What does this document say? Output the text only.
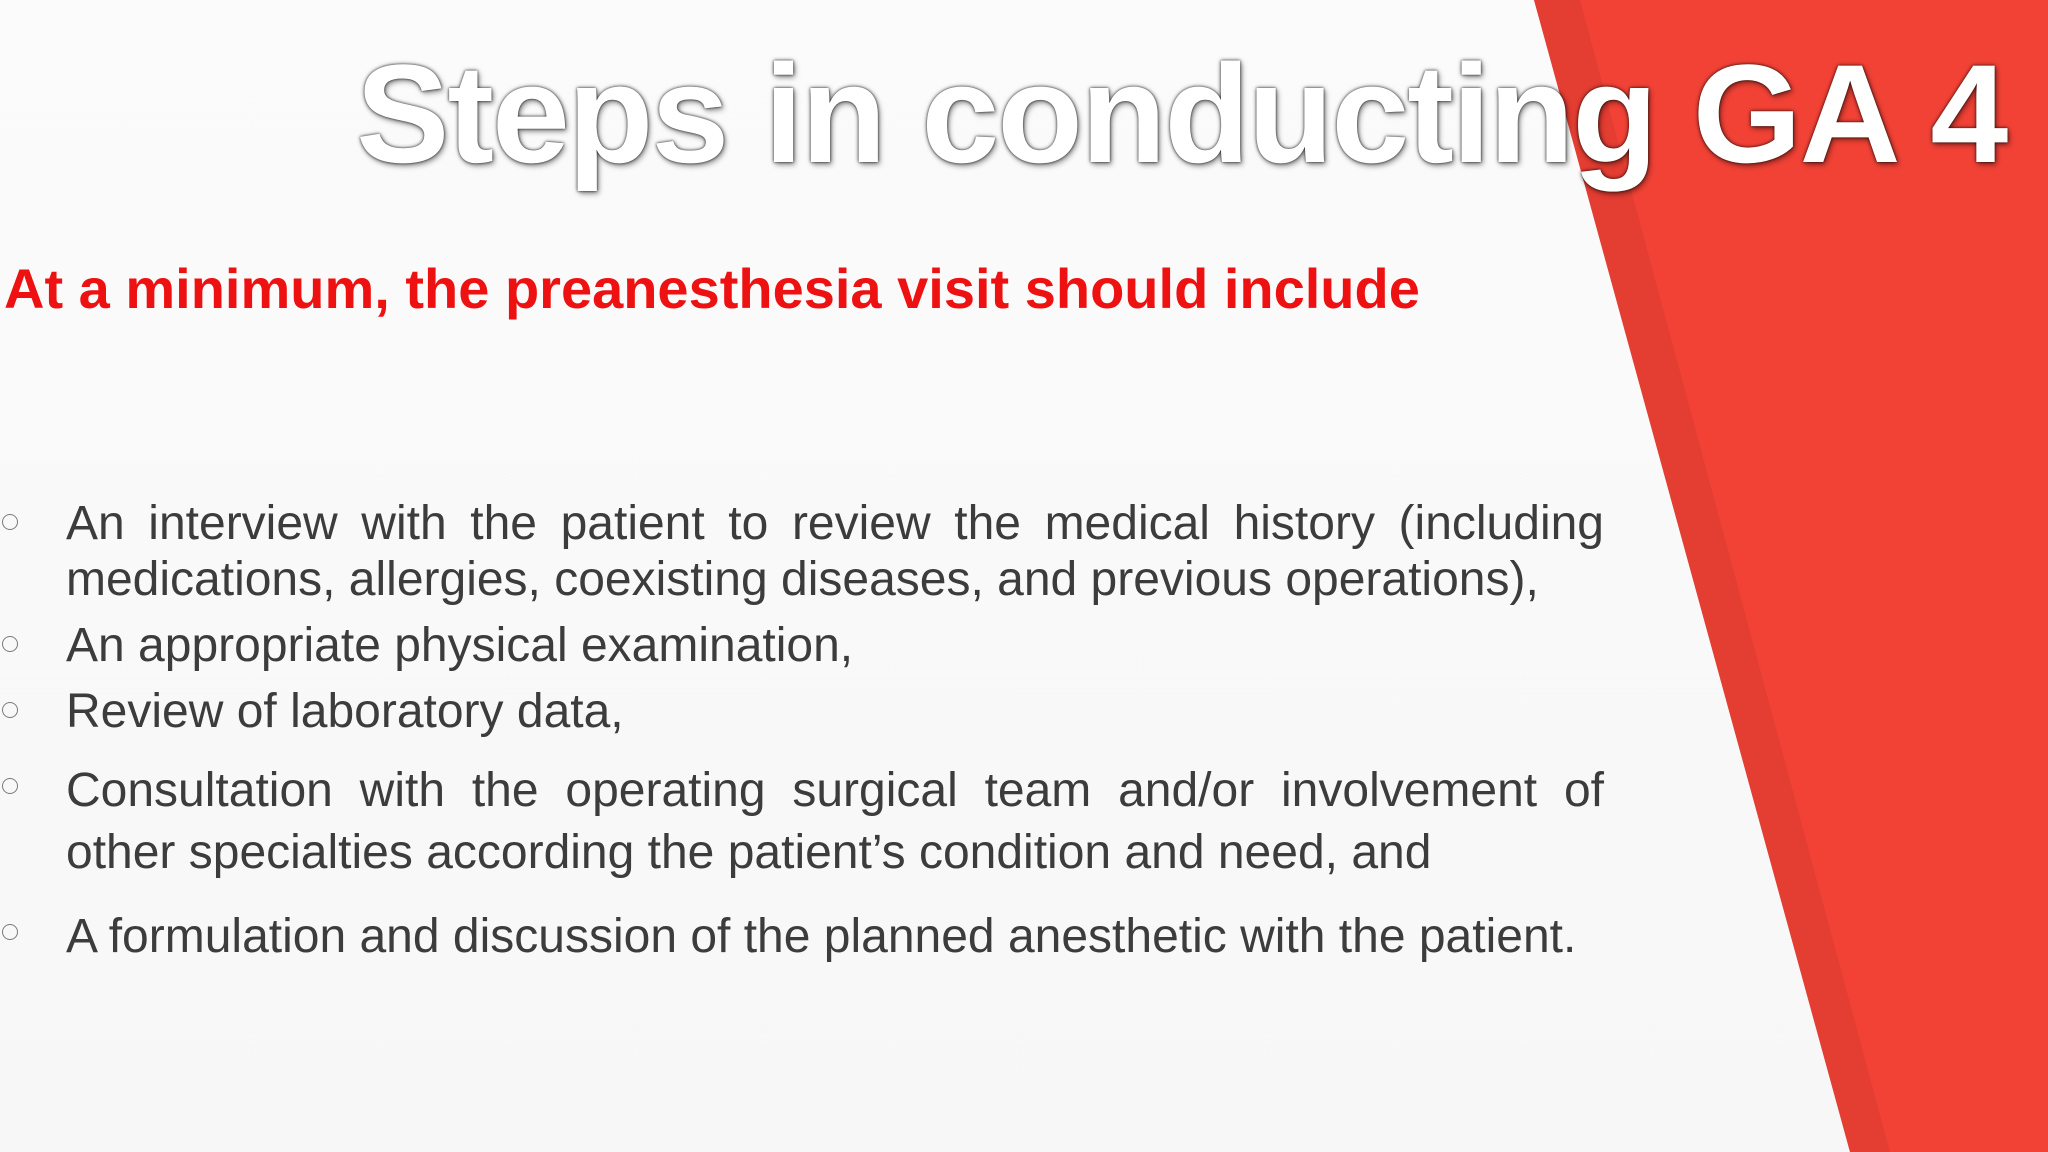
Steps in conducting GA 4
At a minimum, the preanesthesia visit should include
An interview with the patient to review the medical history (including medications, allergies, coexisting diseases, and previous operations),
An appropriate physical examination,
Review of laboratory data,
Consultation with the operating surgical team and/or involvement of other specialties according the patient’s condition and need, and
A formulation and discussion of the planned anesthetic with the patient.
